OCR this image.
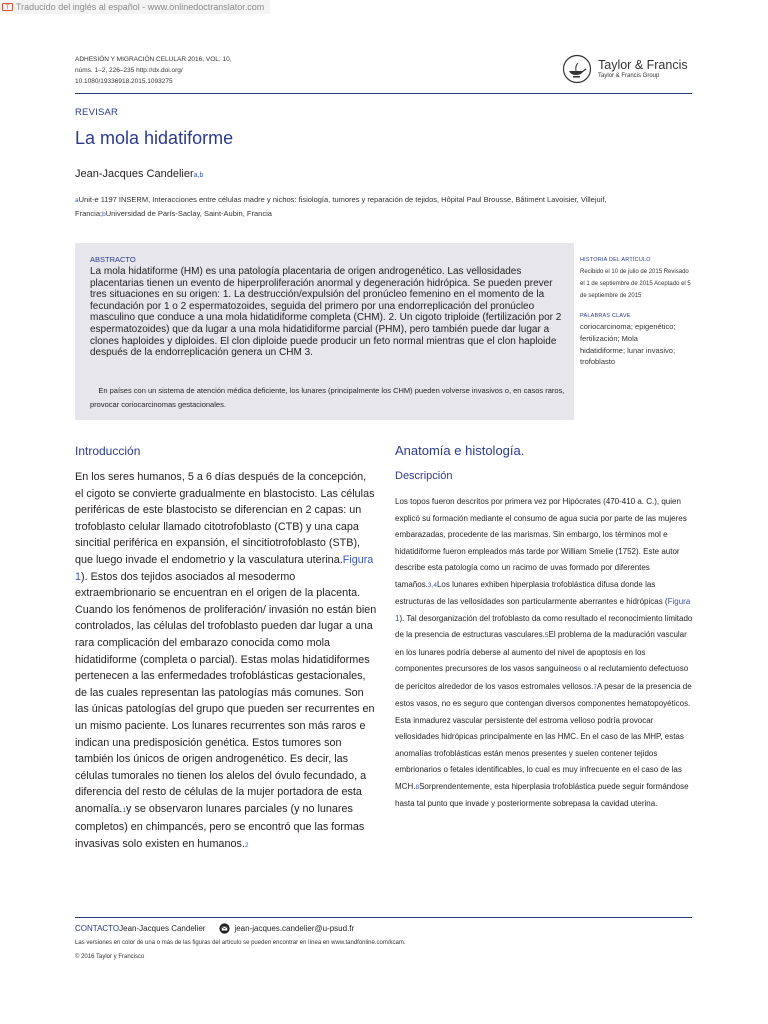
T Traducido del inglés al español - www.onlinedoctranslator.com
ADHESIÓN Y MIGRACIÓN CELULAR 2016, VOL. 10,
núms. 1–2, 226–235 http://dx.doi.org/
10.1080/19336918.2015.1093275
Taylor & Francis
Taylor & Francis Group
REVISAR
La mola hidatiforme
Jean-Jacques Candeliera,b
aUnit-e 1197 INSERM, Interacciones entre células madre y nichos: fisiología, tumores y reparación de tejidos, Hôpital Paul Brousse, Bâtiment Lavoisier, Villejuif,
Francia;bUniversidad de París-Saclay, Saint-Aubin, Francia
ABSTRACTO
La mola hidatiforme (HM) es una patología placentaria de origen androgenético. Las vellosidades placentarias tienen un evento de hiperproliferación anormal y degeneración hidrópica. Se pueden prever tres situaciones en su origen: 1. La destrucción/expulsión del pronúcleo femenino en el momento de la fecundación por 1 o 2 espermatozoides, seguida del primero por una endorreplicación del pronúcleo masculino que conduce a una mola hidatidiforme completa (CHM). 2. Un cigoto triploide (fertilización por 2 espermatozoides) que da lugar a una mola hidatidiforme parcial (PHM), pero también puede dar lugar a clones haploides y diploides. El clon diploide puede producir un feto normal mientras que el clon haploide después de la endorreplicación genera un CHM 3.
En países con un sistema de atención médica deficiente, los lunares (principalmente los CHM) pueden volverse invasivos o, en casos raros, provocar coriocarcinomas gestacionales.
HISTORIA DEL ARTÍCULO
Recibido el 10 de julio de 2015 Revisado
el 1 de septiembre de 2015 Aceptado el 5
de septiembre de 2015
PALABRAS CLAVE
coriocarcinoma; epigenético;
fertilización; Mola
hidatidiforme; lunar invasivo;
trofoblasto
Introducción
En los seres humanos, 5 a 6 días después de la concepción, el cigoto se convierte gradualmente en blastocisto. Las células periféricas de este blastocisto se diferencian en 2 capas: un trofoblasto celular llamado citotrofoblasto (CTB) y una capa sincitial periférica en expansión, el sincitiotrofoblasto (STB), que luego invade el endometrio y la vasculatura uterina.Figura 1). Estos dos tejidos asociados al mesodermo extraembrionario se encuentran en el origen de la placenta. Cuando los fenómenos de proliferación/ invasión no están bien controlados, las células del trofoblasto pueden dar lugar a una rara complicación del embarazo conocida como mola hidatidiforme (completa o parcial). Estas molas hidatidiformes pertenecen a las enfermedades trofoblásticas gestacionales, de las cuales representan las patologías más comunes. Son las únicas patologías del grupo que pueden ser recurrentes en un mismo paciente. Los lunares recurrentes son más raros e indican una predisposición genética. Estos tumores son también los únicos de origen androgenético. Es decir, las células tumorales no tienen los alelos del óvulo fecundado, a diferencia del resto de células de la mujer portadora de esta anomalía.1y se observaron lunares parciales (y no lunares completos) en chimpancés, pero se encontró que las formas invasivas solo existen en humanos.2
Anatomía e histología.
Descripción
Los topos fueron descritos por primera vez por Hipócrates (470-410 a. C.), quien explicó su formación mediante el consumo de agua sucia por parte de las mujeres embarazadas, procedente de las marismas. Sin embargo, los términos mol e hidatidiforme fueron empleados más tarde por William Smelie (1752). Este autor describe esta patología como un racimo de uvas formado por diferentes tamaños.3,4Los lunares exhiben hiperplasia trofoblástica difusa donde las estructuras de las vellosidades son particularmente aberrantes e hidrópicas (Figura 1). Tal desorganización del trofoblasto da como resultado el reconocimiento limitado de la presencia de estructuras vasculares.5El problema de la maduración vascular en los lunares podría deberse al aumento del nivel de apoptosis en los componentes precursores de los vasos sanguíneos6 o al reclutamiento defectuoso de pericitos alrededor de los vasos estromales vellosos.7A pesar de la presencia de estos vasos, no es seguro que contengan diversos componentes hematopoyéticos. Esta inmadurez vascular persistente del estroma velloso podría provocar vellosidades hidrópicas principalmente en las HMC. En el caso de las MHP, estas anomalías trofoblásticas están menos presentes y suelen contener tejidos embrionarios o fetales identificables, lo cual es muy infrecuente en el caso de las MCH.8Sorprendentemente, esta hiperplasia trofoblástica puede seguir formándose hasta tal punto que invade y posteriormente sobrepasa la cavidad uterina.
CONTACTO Jean-Jacques Candelier	jean-jacques.candelier@u-psud.fr
Las versiones en color de una o más de las figuras del artículo se pueden encontrar en línea en www.tandfonline.com/kcam.
© 2016 Taylor y Francisco
